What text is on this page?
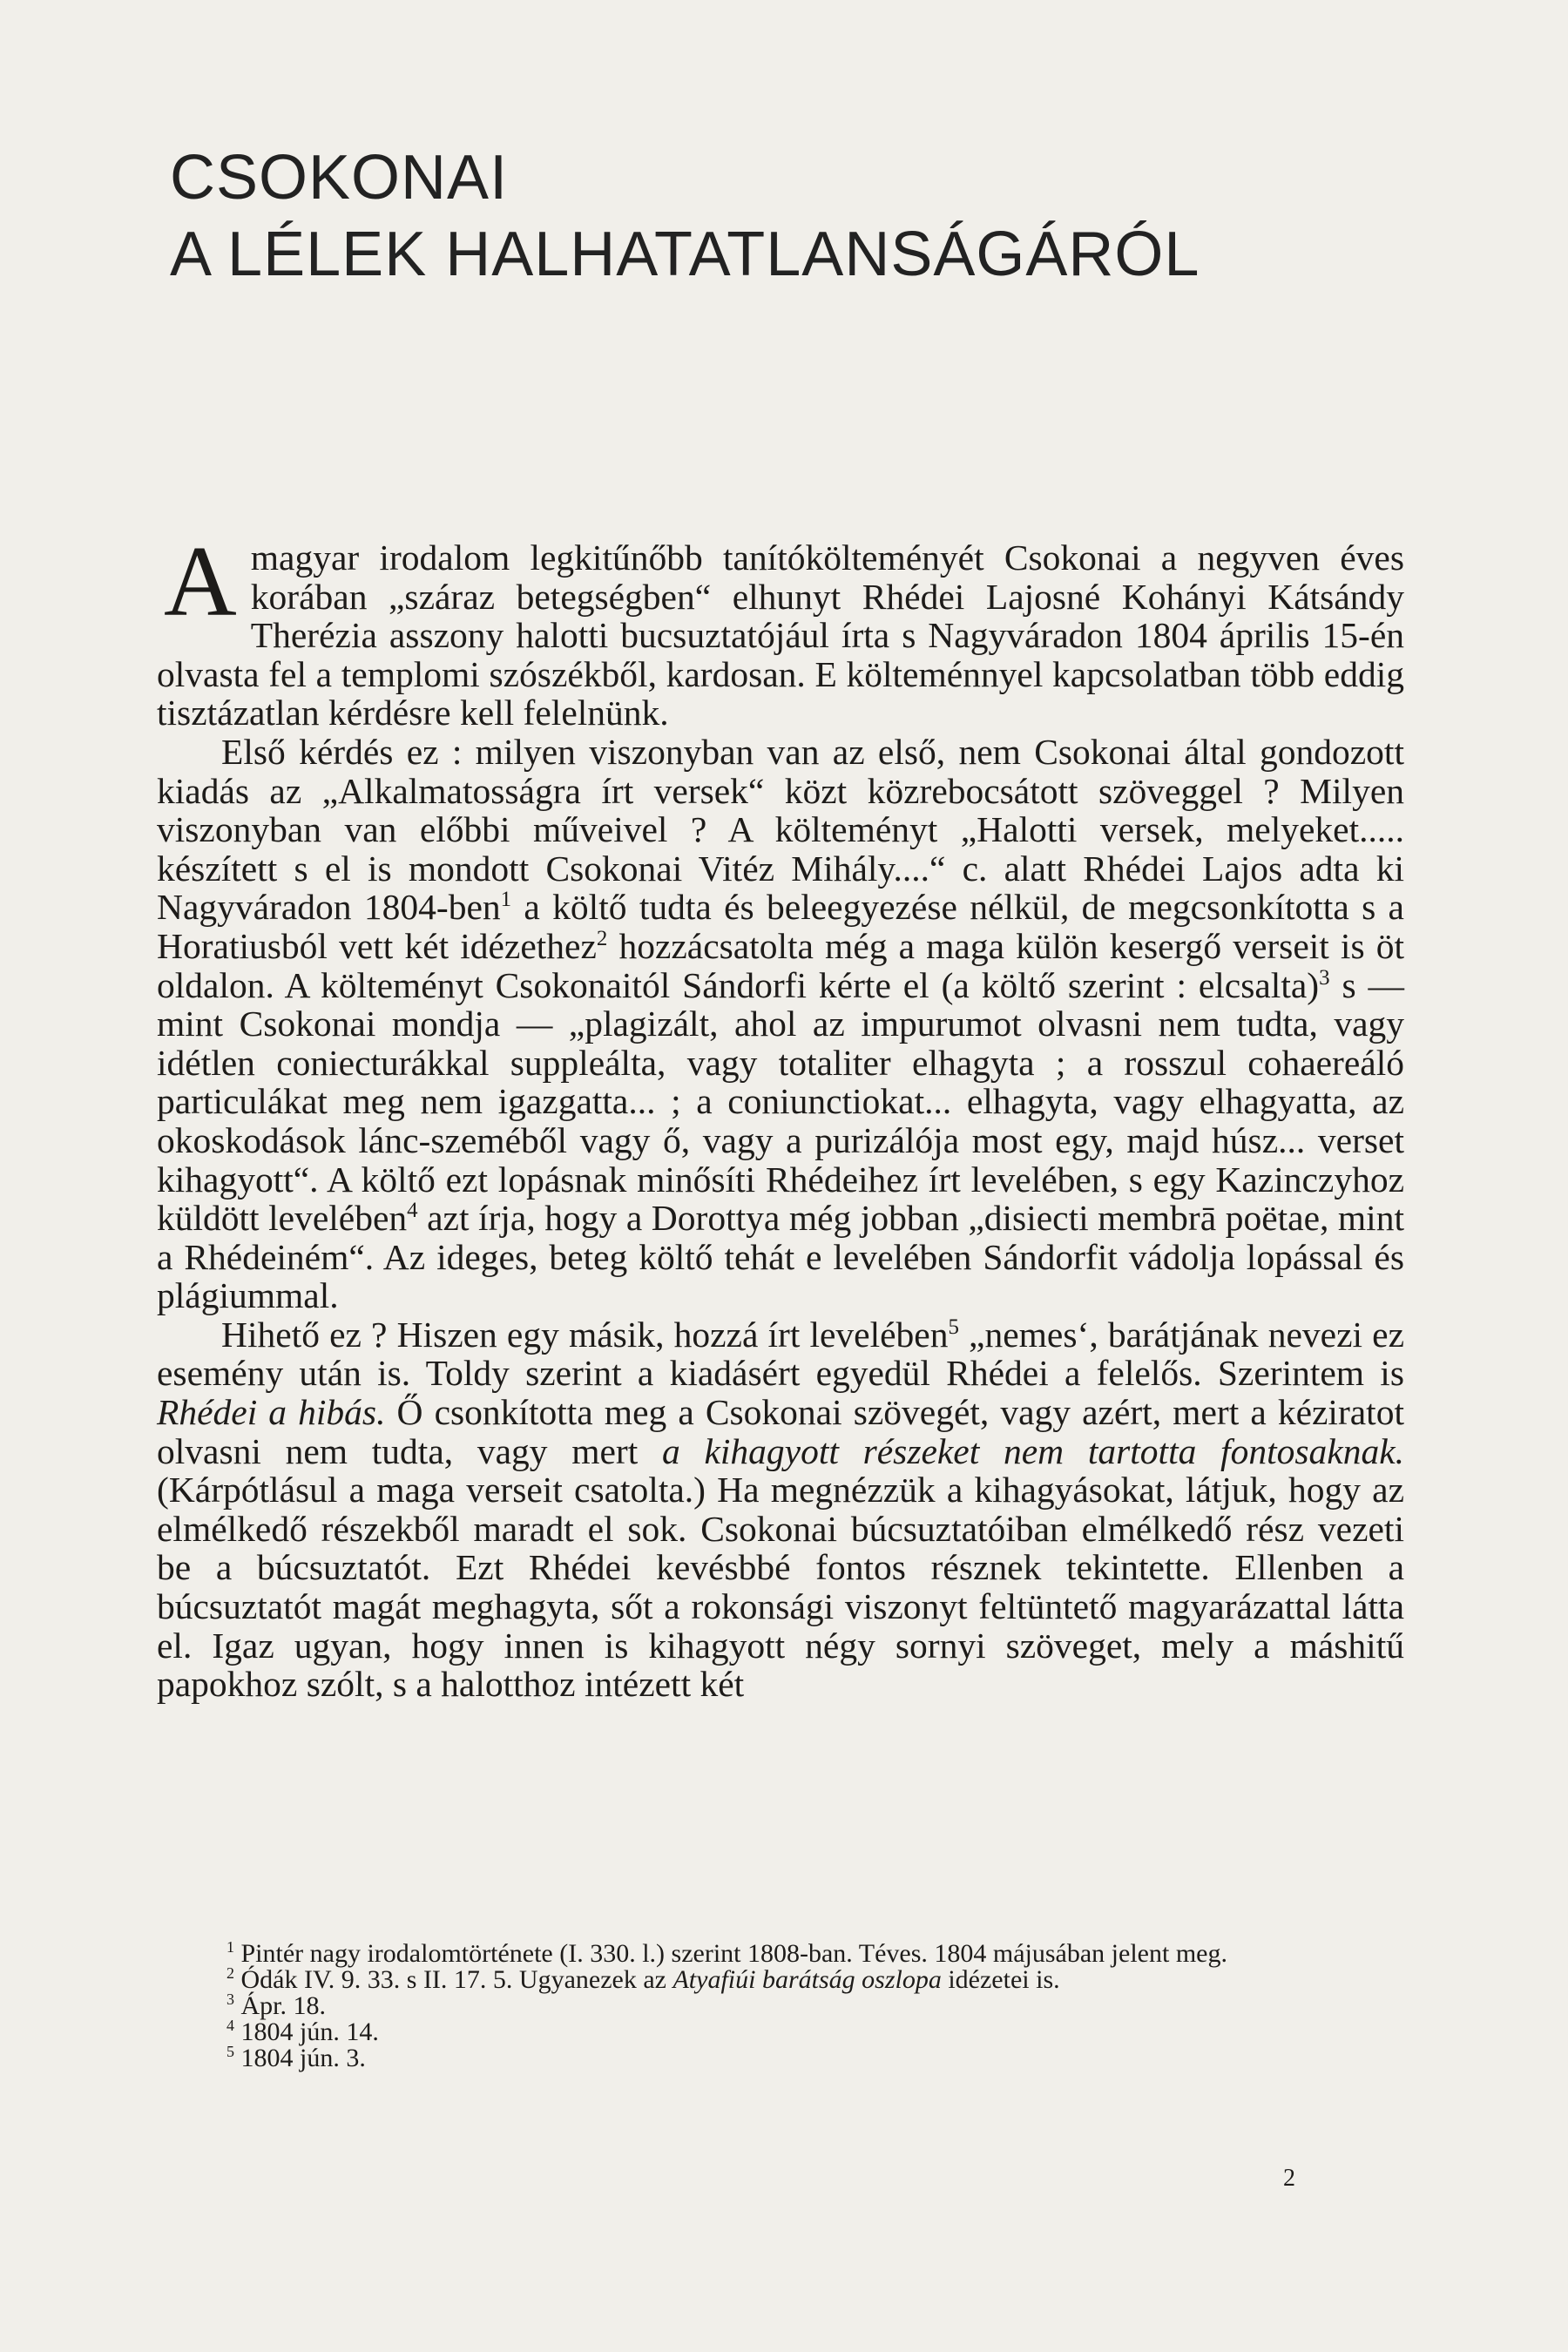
CSOKONAI
A LÉLEK HALHATATLANSÁGÁRÓL

Amagyar irodalom legkitűnőbb tanítókölteményét Csokonai a negyven éves korában „száraz betegségben“ elhunyt Rhédei Lajosné Kohányi Kátsándy Therézia asszony halotti bucsuztatójául írta s Nagyváradon 1804 április 15-én olvasta fel a templomi szószékből, kardosan. E költeménnyel kapcsolatban több eddig tisztázatlan kérdésre kell felelnünk.

Első kérdés ez : milyen viszonyban van az első, nem Csokonai által gondozott kiadás az „Alkalmatosságra írt versek“ közt közrebocsátott szöveggel ? Milyen viszonyban van előbbi műveivel ? A költeményt „Halotti versek, melyeket..... készített s el is mondott Csokonai Vitéz Mihály....“ c. alatt Rhédei Lajos adta ki Nagyváradon 1804-ben$^1$ a költő tudta és beleegyezése nélkül, de megcsonkította s a Horatiusból vett két idézethez$^2$ hozzácsatolta még a maga külön kesergő verseit is öt oldalon. A költeményt Csokonaitól Sándorfi kérte el (a költő szerint : elcsalta)$^3$ s — mint Csokonai mondja — „plagizált, ahol az impurumot olvasni nem tudta, vagy idétlen coniecturákkal suppleálta, vagy totaliter elhagyta ; a rosszul cohaereáló particulákat meg nem igazgatta... ; a coniunctiokat... elhagyta, vagy elhagyatta, az okoskodások lánc-szeméből vagy ő, vagy a purizálója most egy, majd húsz... verset kihagyott“. A költő ezt lopásnak minősíti Rhédeihez írt levelében, s egy Kazinczyhoz küldött levelében$^4$ azt írja, hogy a Dorottya még jobban „disiecti membrā poëtae, mint a Rhédeiném“. Az ideges, beteg költő tehát e levelében Sándorfit vádolja lopással és plágiummal.

Hihető ez ? Hiszen egy másik, hozzá írt levelében$^5$ „nemes‘, barátjának nevezi ez esemény után is. Toldy szerint a kiadásért egyedül Rhédei a felelős. Szerintem is Rhédei a hibás. Ő csonkította meg a Csokonai szövegét, vagy azért, mert a kéziratot olvasni nem tudta, vagy mert a kihagyott részeket nem tartotta fontosaknak. (Kárpótlásul a maga verseit csatolta.) Ha megnézzük a kihagyásokat, látjuk, hogy az elmélkedő részekből maradt el sok. Csokonai búcsuztatóiban elmélkedő rész vezeti be a búcsuztatót. Ezt Rhédei kevésbbé fontos résznek tekintette. Ellenben a búcsuztatót magát meghagyta, sőt a rokonsági viszonyt feltüntető magyarázattal látta el. Igaz ugyan, hogy innen is kihagyott négy sornyi szöveget, mely a máshitű papokhoz szólt, s a halotthoz intézett két

$^1$ Pintér nagy irodalomtörténete (I. 330. l.) szerint 1808-ban. Téves. 1804 májusában jelent meg.

$^2$ Ódák IV. 9. 33. s II. 17. 5. Ugyanezek az Atyafiúi barátság oszlopa idézetei is.

$^3$ Ápr. 18.

$^4$ 1804 jún. 14.

$^5$ 1804 jún. 3.

2
